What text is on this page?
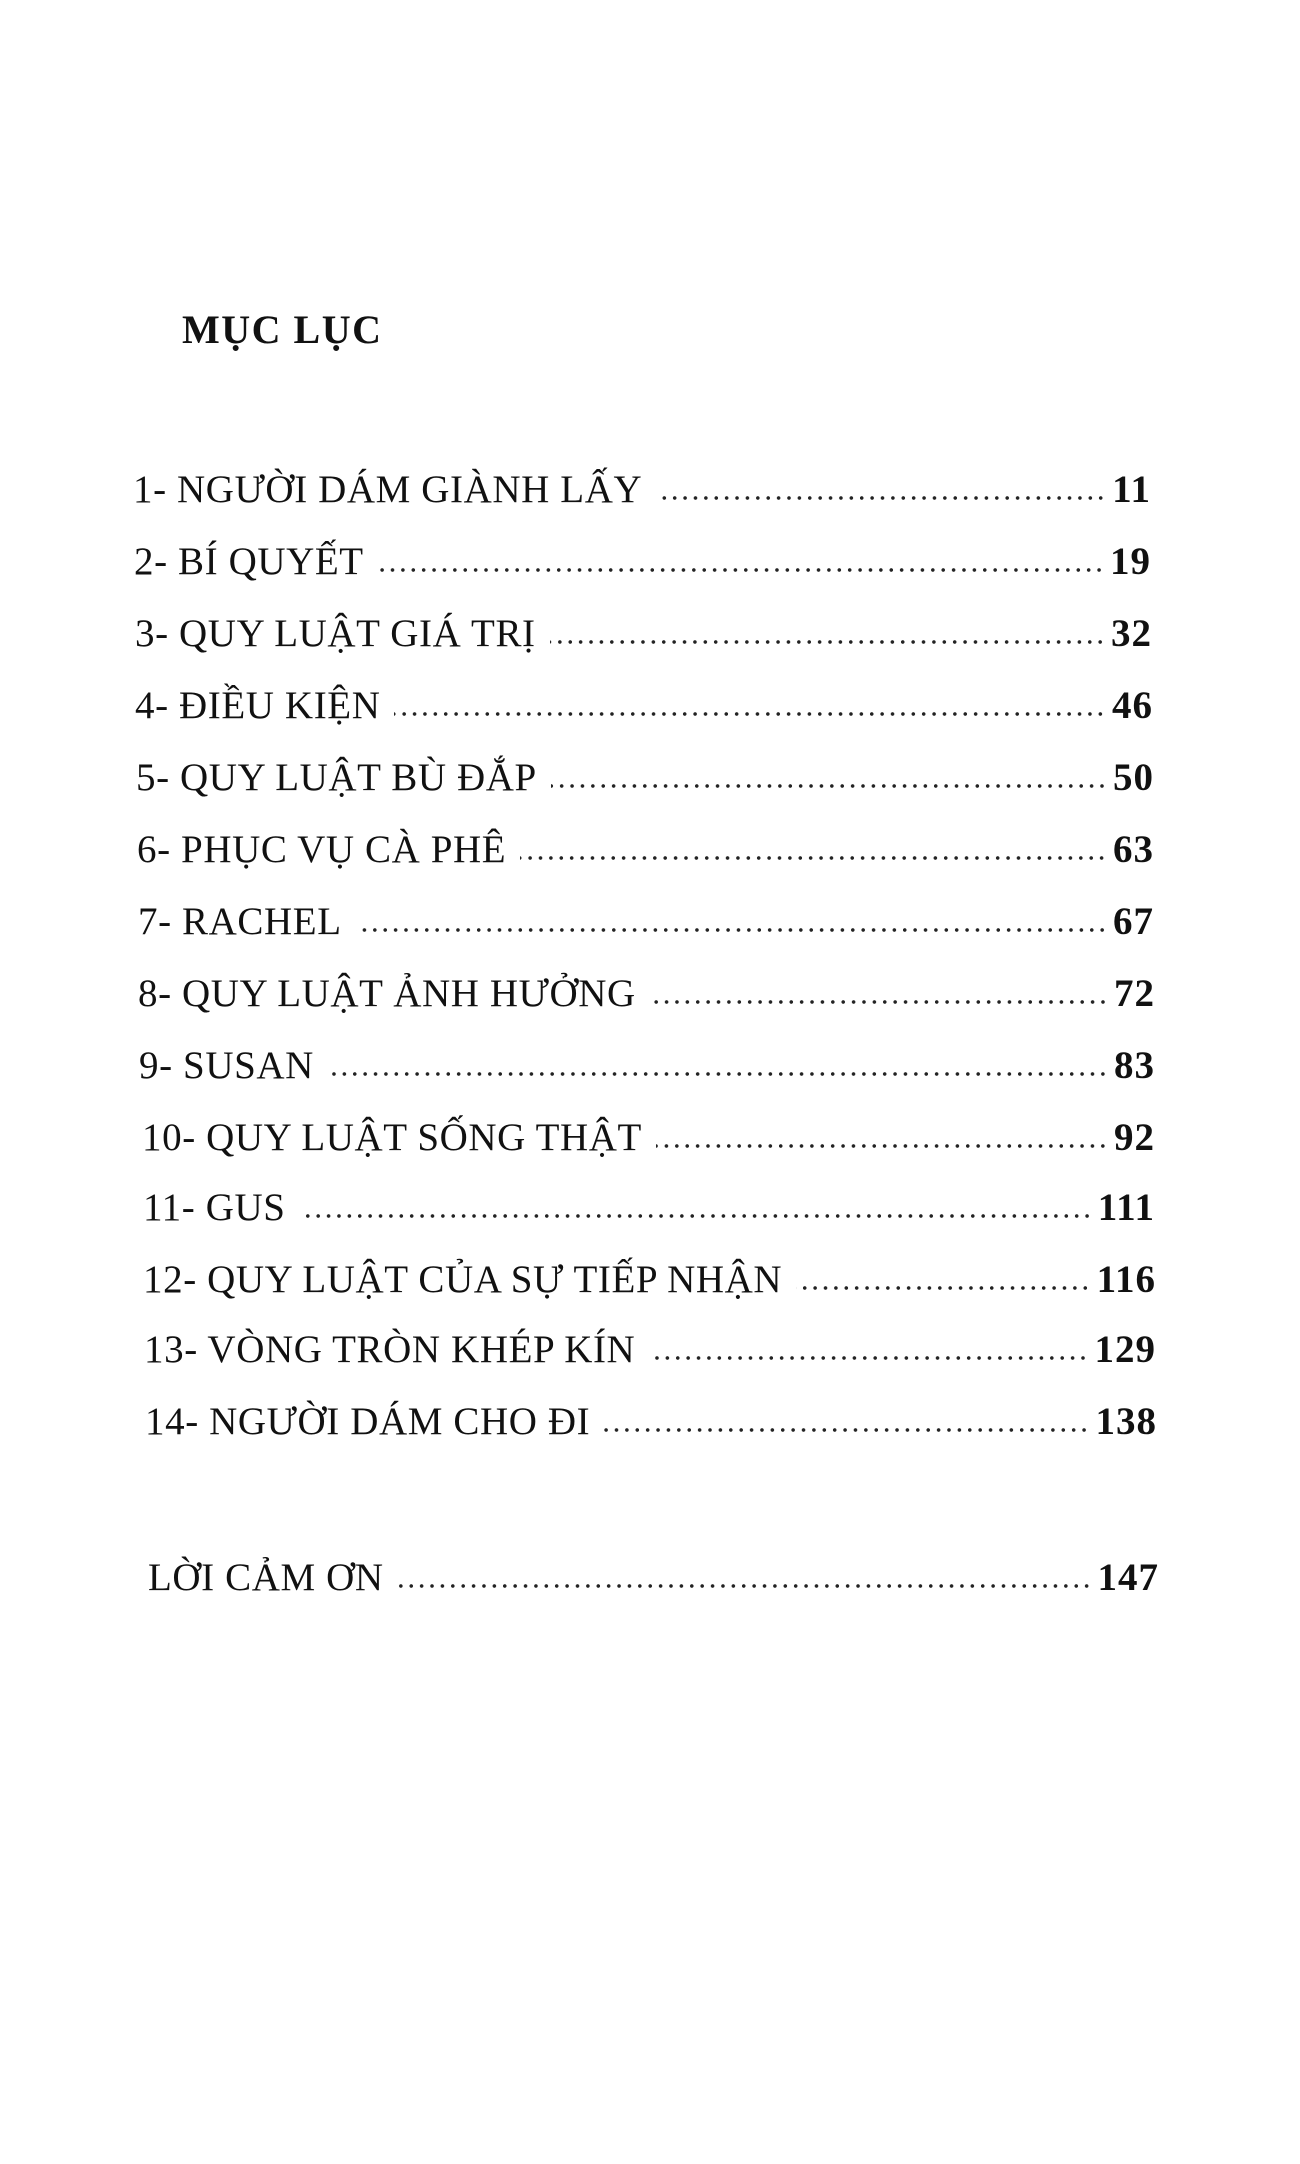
MỤC LỤC
1- NGƯỜI DÁM GIÀNH LẤY	11
2- BÍ QUYẾT	19
3- QUY LUẬT GIÁ TRỊ	32
4- ĐIỀU KIỆN	46
5- QUY LUẬT BÙ ĐẮP	50
6- PHỤC VỤ CÀ PHÊ	63
7- RACHEL	67
8- QUY LUẬT ẢNH HƯỞNG	72
9- SUSAN	83
10- QUY LUẬT SỐNG THẬT	92
11- GUS	111
12- QUY LUẬT CỦA SỰ TIẾP NHẬN	116
13- VÒNG TRÒN KHÉP KÍN	129
14- NGƯỜI DÁM CHO ĐI	138
LỜI CẢM ƠN	147
